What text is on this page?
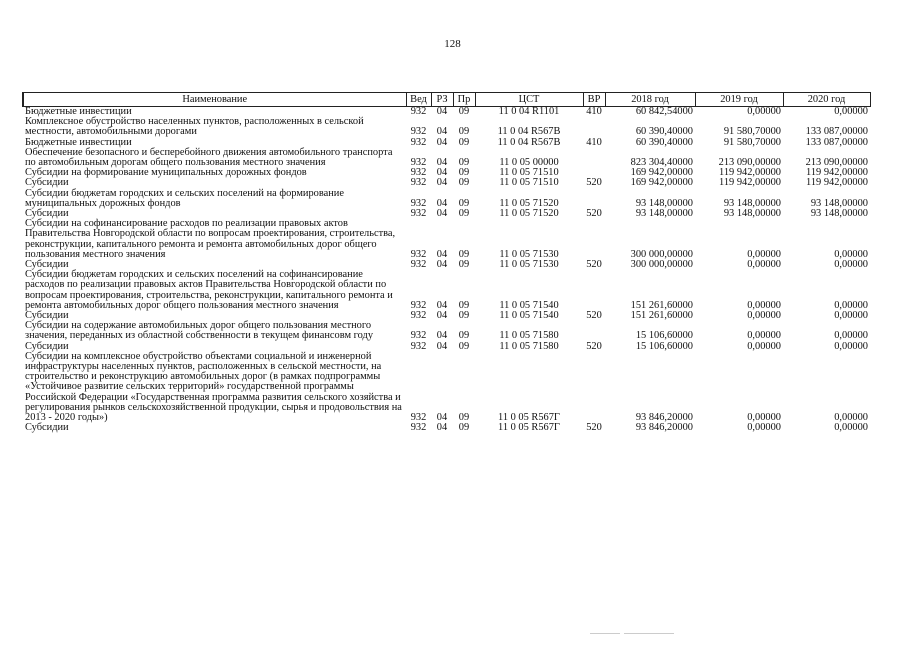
128
Наименование	Вед	РЗ	Пр	ЦСТ	ВР	2018 год	2019 год	2020 год
Бюджетные инвестиции	932	04	09	11 0 04 R1101	410	60 842,54000	0,00000	0,00000
Комплексное обустройство населенных пунктов, расположенных в сельской местности, автомобильными дорогами	932	04	09	11 0 04 R567В		60 390,40000	91 580,70000	133 087,00000
Бюджетные инвестиции	932	04	09	11 0 04 R567В	410	60 390,40000	91 580,70000	133 087,00000
Обеспечение безопасного и бесперебойного движения автомобильного транспорта по автомобильным дорогам общего пользования местного значения	932	04	09	11 0 05 00000		823 304,40000	213 090,00000	213 090,00000
Субсидии на формирование муниципальных дорожных фондов	932	04	09	11 0 05 71510		169 942,00000	119 942,00000	119 942,00000
Субсидии	932	04	09	11 0 05 71510	520	169 942,00000	119 942,00000	119 942,00000
Субсидии бюджетам городских и сельских поселений на формирование муниципальных дорожных фондов	932	04	09	11 0 05 71520		93 148,00000	93 148,00000	93 148,00000
Субсидии	932	04	09	11 0 05 71520	520	93 148,00000	93 148,00000	93 148,00000
Субсидии на софинансирование расходов по реализации правовых актов Правительства Новгородской области по вопросам проектирования, строительства, реконструкции, капитального ремонта и ремонта автомобильных дорог общего пользования местного значения	932	04	09	11 0 05 71530		300 000,00000	0,00000	0,00000
Субсидии	932	04	09	11 0 05 71530	520	300 000,00000	0,00000	0,00000
Субсидии бюджетам городских и сельских поселений на софинансирование расходов по реализации правовых актов Правительства Новгородской области по вопросам проектирования, строительства, реконструкции, капитального ремонта и ремонта автомобильных дорог общего пользования местного значения	932	04	09	11 0 05 71540		151 261,60000	0,00000	0,00000
Субсидии	932	04	09	11 0 05 71540	520	151 261,60000	0,00000	0,00000
Субсидии на содержание автомобильных дорог общего пользования местного значения, переданных из областной собственности в текущем финансовм году	932	04	09	11 0 05 71580		15 106,60000	0,00000	0,00000
Субсидии	932	04	09	11 0 05 71580	520	15 106,60000	0,00000	0,00000
Субсидии на комплексное обустройство объектами социальной и инженерной инфраструктуры населенных пунктов, расположенных в сельской местности, на строительство и реконструкцию автомобильных дорог (в рамках подпрограммы «Устойчивое развитие сельских территорий» государственной программы Российской Федерации «Государственная программа развития сельского хозяйства и регулирования рынков сельскохозяйственной продукции, сырья и продовольствия на 2013 - 2020 годы»)	932	04	09	11 0 05 R567Г		93 846,20000	0,00000	0,00000
Субсидии	932	04	09	11 0 05 R567Г	520	93 846,20000	0,00000	0,00000
